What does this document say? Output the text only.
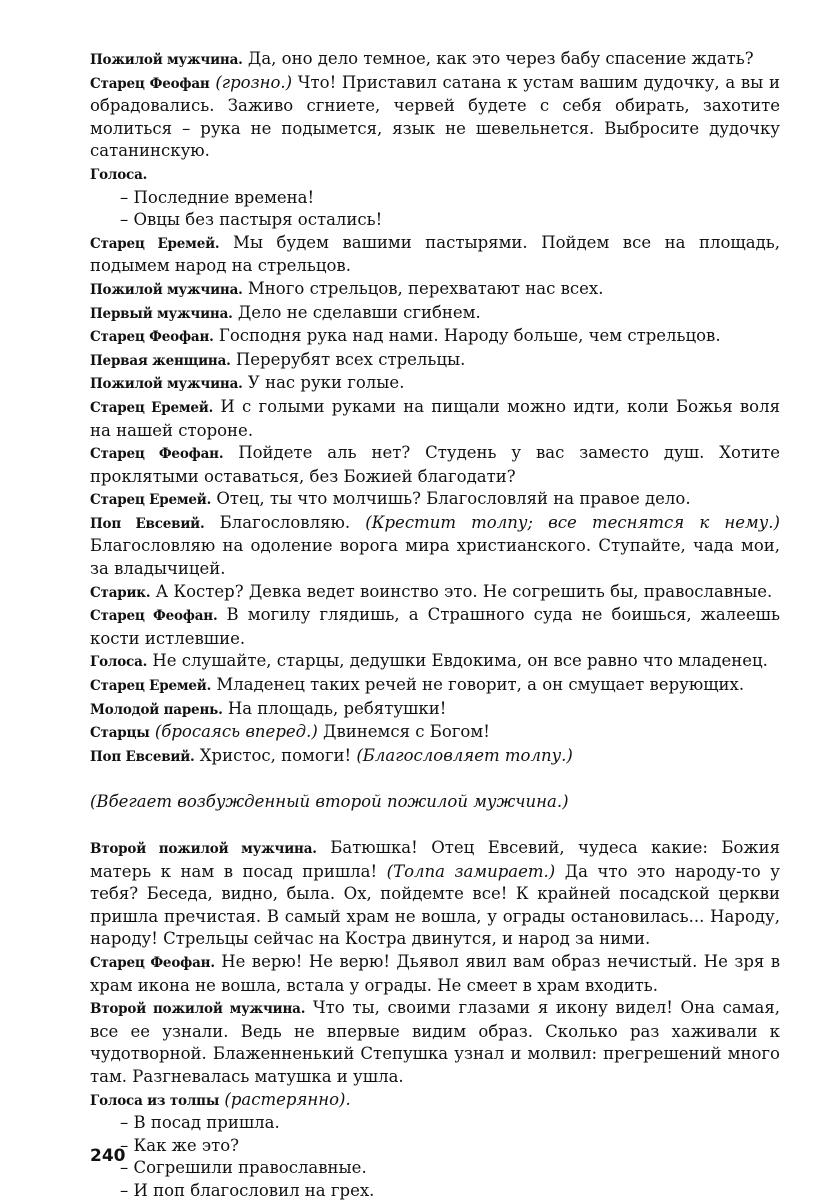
Пожилой мужчина. Да, оно дело темное, как это через бабу спасение ждать?

Старец Феофан (грозно.) Что! Приставил сатана к устам вашим дудочку, а вы и обрадовались. Заживо сгниете, червей будете с себя обирать, захотите молиться – рука не подымется, язык не шевельнется. Выбросите дудочку сатанинскую.

Голоса.

– Последние времена!

– Овцы без пастыря остались!

Старец Еремей. Мы будем вашими пастырями. Пойдем все на площадь, подымем народ на стрельцов.

Пожилой мужчина. Много стрельцов, перехватают нас всех.

Первый мужчина. Дело не сделавши сгибнем.

Старец Феофан. Господня рука над нами. Народу больше, чем стрельцов.

Первая женщина. Перерубят всех стрельцы.

Пожилой мужчина. У нас руки голые.

Старец Еремей. И с голыми руками на пищали можно идти, коли Божья воля на нашей стороне.

Старец Феофан. Пойдете аль нет? Студень у вас заместо душ. Хотите проклятыми оставаться, без Божией благодати?

Старец Еремей. Отец, ты что молчишь? Благословляй на правое дело.

Поп Евсевий. Благословляю. (Крестит толпу; все теснятся к нему.) Благословляю на одоление ворога мира христианского. Ступайте, чада мои, за владычицей.

Старик. А Костер? Девка ведет воинство это. Не согрешить бы, православные.

Старец Феофан. В могилу глядишь, а Страшного суда не боишься, жалеешь кости истлевшие.

Голоса. Не слушайте, старцы, дедушки Евдокима, он все равно что младенец.

Старец Еремей. Младенец таких речей не говорит, а он смущает верующих.

Молодой парень. На площадь, ребятушки!

Старцы (бросаясь вперед.) Двинемся с Богом!

Поп Евсевий. Христос, помоги! (Благословляет толпу.)

(Вбегает возбужденный второй пожилой мужчина.)

Второй пожилой мужчина. Батюшка! Отец Евсевий, чудеса какие: Божия матерь к нам в посад пришла! (Толпа замирает.) Да что это народу-то у тебя? Беседа, видно, была. Ох, пойдемте все! К крайней посадской церкви пришла пречистая. В самый храм не вошла, у ограды остановилась... Народу, народу! Стрельцы сейчас на Костра двинутся, и народ за ними.

Старец Феофан. Не верю! Не верю! Дьявол явил вам образ нечистый. Не зря в храм икона не вошла, встала у ограды. Не смеет в храм входить.

Второй пожилой мужчина. Что ты, своими глазами я икону видел! Она самая, все ее узнали. Ведь не впервые видим образ. Сколько раз хаживали к чудотворной. Блаженненький Степушка узнал и молвил: прегрешений много там. Разгневалась матушка и ушла.

Голоса из толпы (растерянно).

– В посад пришла.

– Как же это?

– Согрешили православные.

– И поп благословил на грех.

240
